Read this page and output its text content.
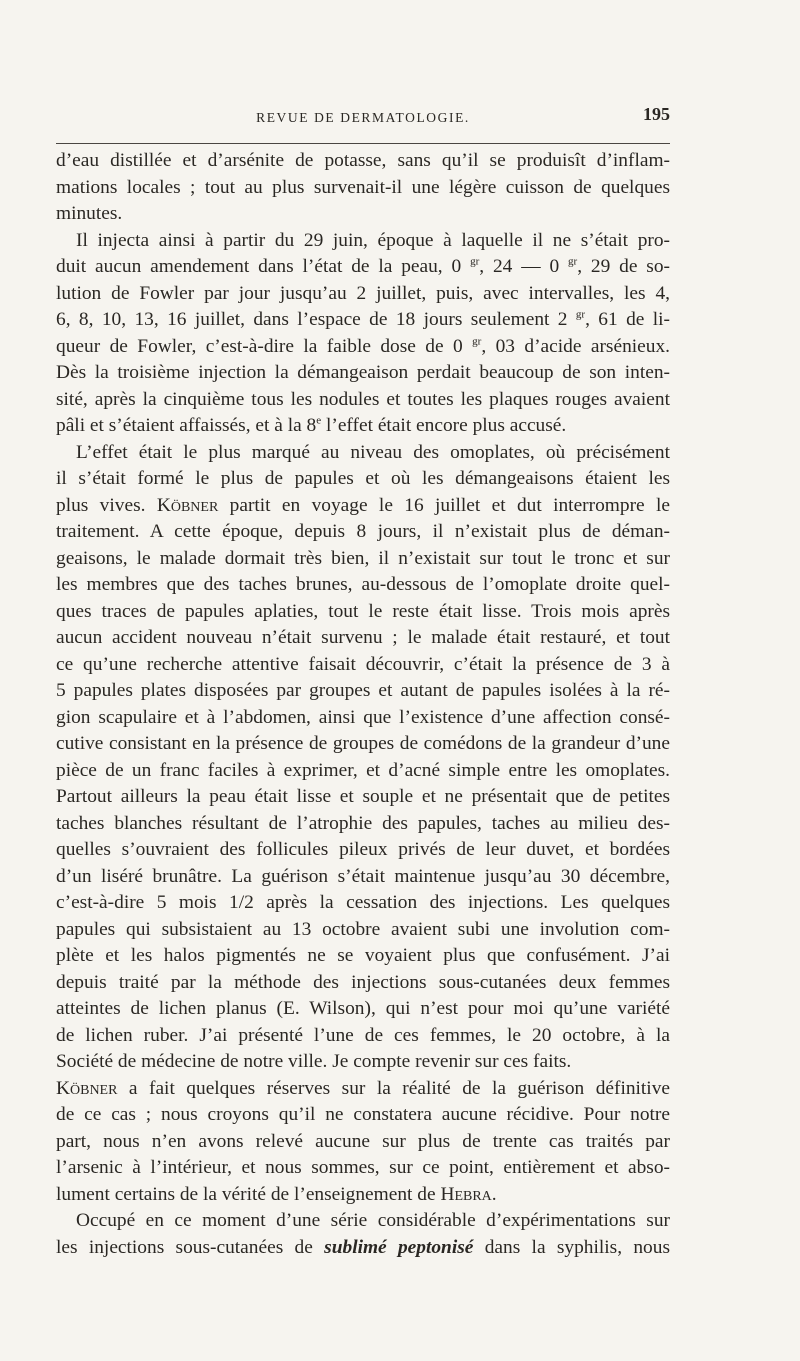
REVUE DE DERMATOLOGIE.	195
d’eau distillée et d’arsénite de potasse, sans qu’il se produisît d’inflam-
mations locales ; tout au plus survenait-il une légère cuisson de quelques
minutes.
Il injecta ainsi à partir du 29 juin, époque à laquelle il ne s’était pro-
duit aucun amendement dans l’état de la peau, 0 $^{gr}$, 24 — 0 $^{gr}$, 29 de so-
lution de Fowler par jour jusqu’au 2 juillet, puis, avec intervalles, les 4,
6, 8, 10, 13, 16 juillet, dans l’espace de 18 jours seulement 2 $^{gr}$, 61 de li-
queur de Fowler, c’est-à-dire la faible dose de 0 $^{gr}$, 03 d’acide arsénieux.
Dès la troisième injection la démangeaison perdait beaucoup de son inten-
sité, après la cinquième tous les nodules et toutes les plaques rouges avaient
pâli et s’étaient affaissés, et à la 8e l’effet était encore plus accusé.
L’effet était le plus marqué au niveau des omoplates, où précisément
il s’était formé le plus de papules et où les démangeaisons étaient les
plus vives. Köbner partit en voyage le 16 juillet et dut interrompre le
traitement. A cette époque, depuis 8 jours, il n’existait plus de déman-
geaisons, le malade dormait très bien, il n’existait sur tout le tronc et sur
les membres que des taches brunes, au-dessous de l’omoplate droite quel-
ques traces de papules aplaties, tout le reste était lisse. Trois mois après
aucun accident nouveau n’était survenu ; le malade était restauré, et tout
ce qu’une recherche attentive faisait découvrir, c’était la présence de 3 à
5 papules plates disposées par groupes et autant de papules isolées à la ré-
gion scapulaire et à l’abdomen, ainsi que l’existence d’une affection consé-
cutive consistant en la présence de groupes de comédons de la grandeur d’une
pièce de un franc faciles à exprimer, et d’acné simple entre les omoplates.
Partout ailleurs la peau était lisse et souple et ne présentait que de petites
taches blanches résultant de l’atrophie des papules, taches au milieu des-
quelles s’ouvraient des follicules pileux privés de leur duvet, et bordées
d’un liséré brunâtre. La guérison s’était maintenue jusqu’au 30 décembre,
c’est-à-dire 5 mois 1/2 après la cessation des injections. Les quelques
papules qui subsistaient au 13 octobre avaient subi une involution com-
plète et les halos pigmentés ne se voyaient plus que confusément. J’ai
depuis traité par la méthode des injections sous-cutanées deux femmes
atteintes de lichen planus (E. Wilson), qui n’est pour moi qu’une variété
de lichen ruber. J’ai présenté l’une de ces femmes, le 20 octobre, à la
Société de médecine de notre ville. Je compte revenir sur ces faits.
Köbner a fait quelques réserves sur la réalité de la guérison définitive
de ce cas ; nous croyons qu’il ne constatera aucune récidive. Pour notre
part, nous n’en avons relevé aucune sur plus de trente cas traités par
l’arsenic à l’intérieur, et nous sommes, sur ce point, entièrement et abso-
lument certains de la vérité de l’enseignement de Hebra.
Occupé en ce moment d’une série considérable d’expérimentations sur
les injections sous-cutanées de sublimé peptonisé dans la syphilis, nous
